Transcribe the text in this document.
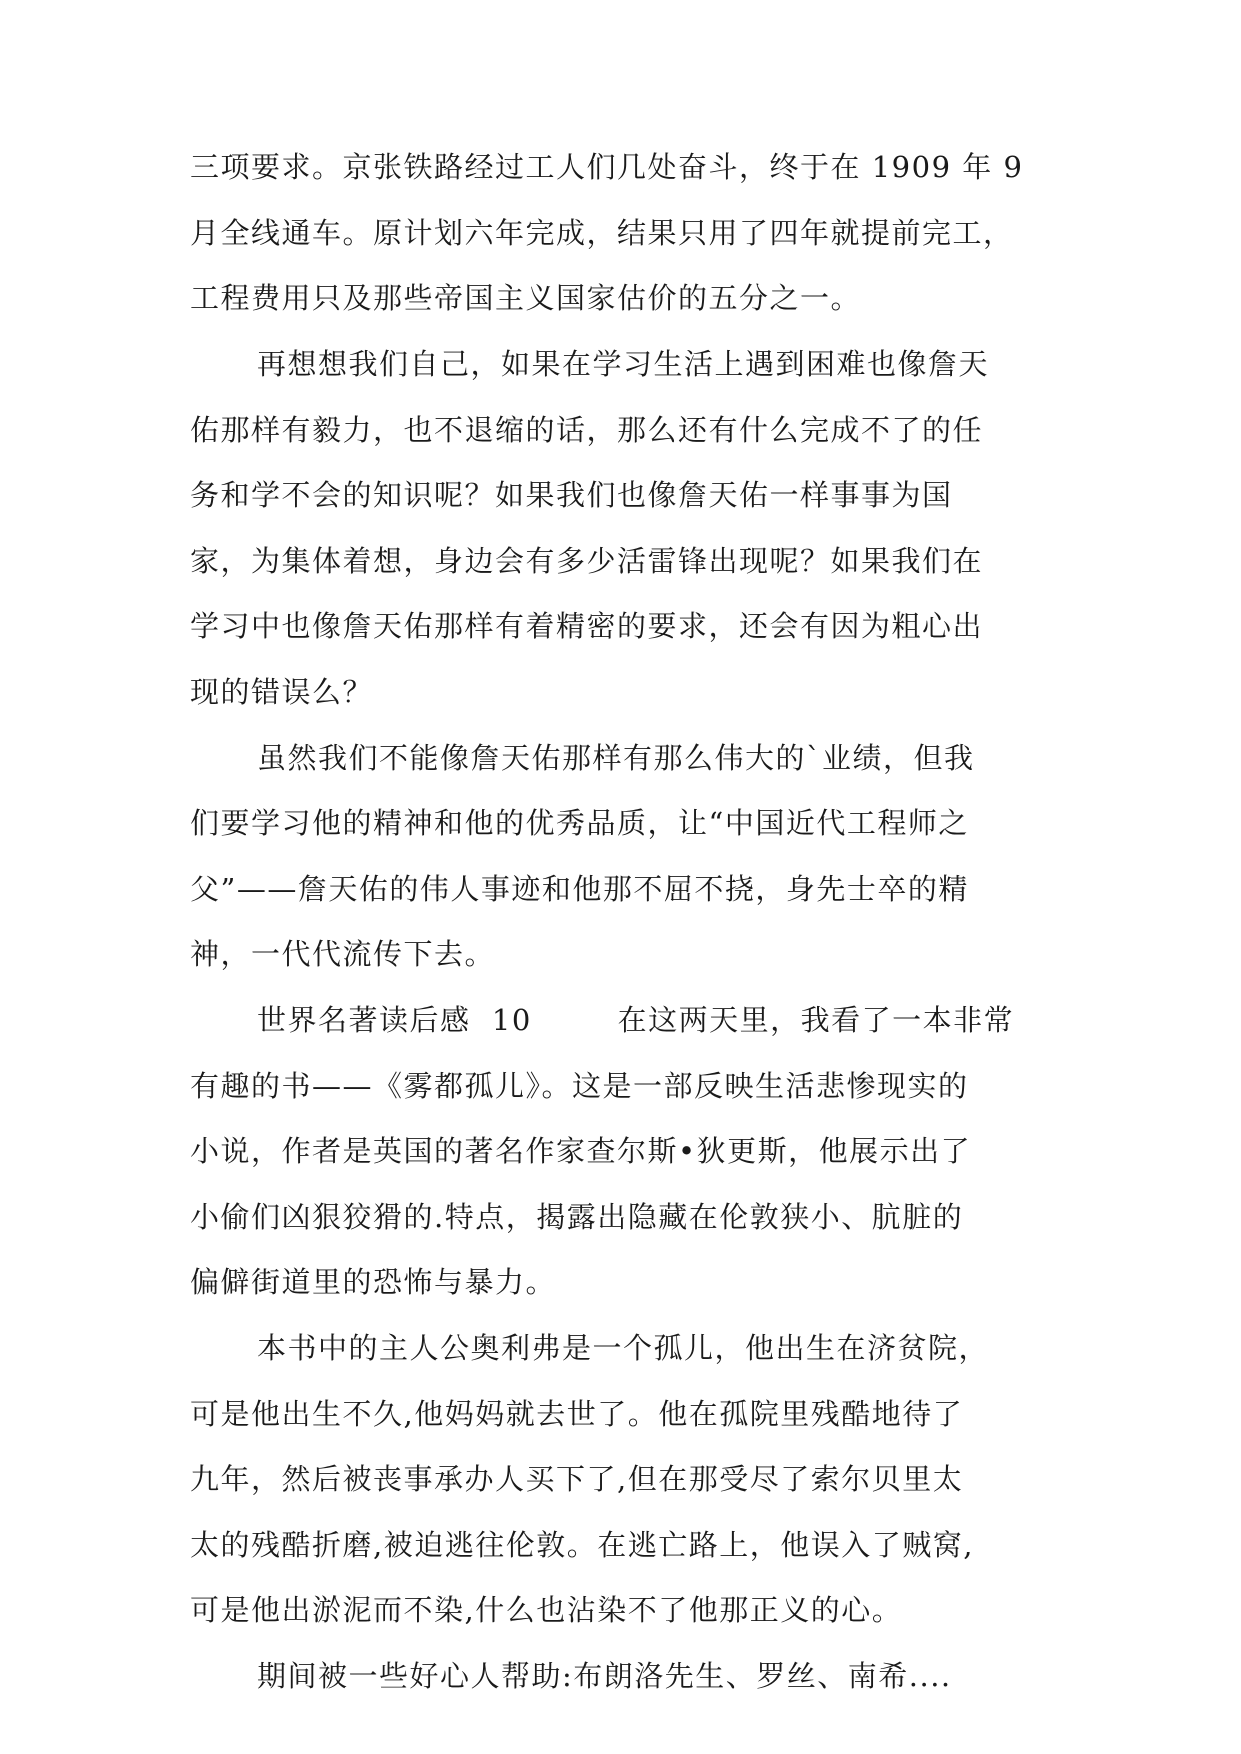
三项要求。京张铁路经过工人们几处奋斗，终于在 1909 年 9
月全线通车。原计划六年完成，结果只用了四年就提前完工，
工程费用只及那些帝国主义国家估价的五分之一。
再想想我们自己，如果在学习生活上遇到困难也像詹天
佑那样有毅力，也不退缩的话，那么还有什么完成不了的任
务和学不会的知识呢？如果我们也像詹天佑一样事事为国
家，为集体着想，身边会有多少活雷锋出现呢？如果我们在
学习中也像詹天佑那样有着精密的要求，还会有因为粗心出
现的错误么？
虽然我们不能像詹天佑那样有那么伟大的`业绩，但我
们要学习他的精神和他的优秀品质，让“中国近代工程师之
父”——詹天佑的伟人事迹和他那不屈不挠，身先士卒的精
神，一代代流传下去。
世界名著读后感  10        在这两天里，我看了一本非常
有趣的书——《雾都孤儿》。这是一部反映生活悲惨现实的
小说，作者是英国的著名作家查尔斯•狄更斯，他展示出了
小偷们凶狠狡猾的.特点，揭露出隐藏在伦敦狭小、肮脏的
偏僻街道里的恐怖与暴力。
本书中的主人公奥利弗是一个孤儿，他出生在济贫院，
可是他出生不久,他妈妈就去世了。他在孤院里残酷地待了
九年，然后被丧事承办人买下了,但在那受尽了索尔贝里太
太的残酷折磨,被迫逃往伦敦。在逃亡路上，他误入了贼窝,
可是他出淤泥而不染,什么也沾染不了他那正义的心。
期间被一些好心人帮助:布朗洛先生、罗丝、南希....
